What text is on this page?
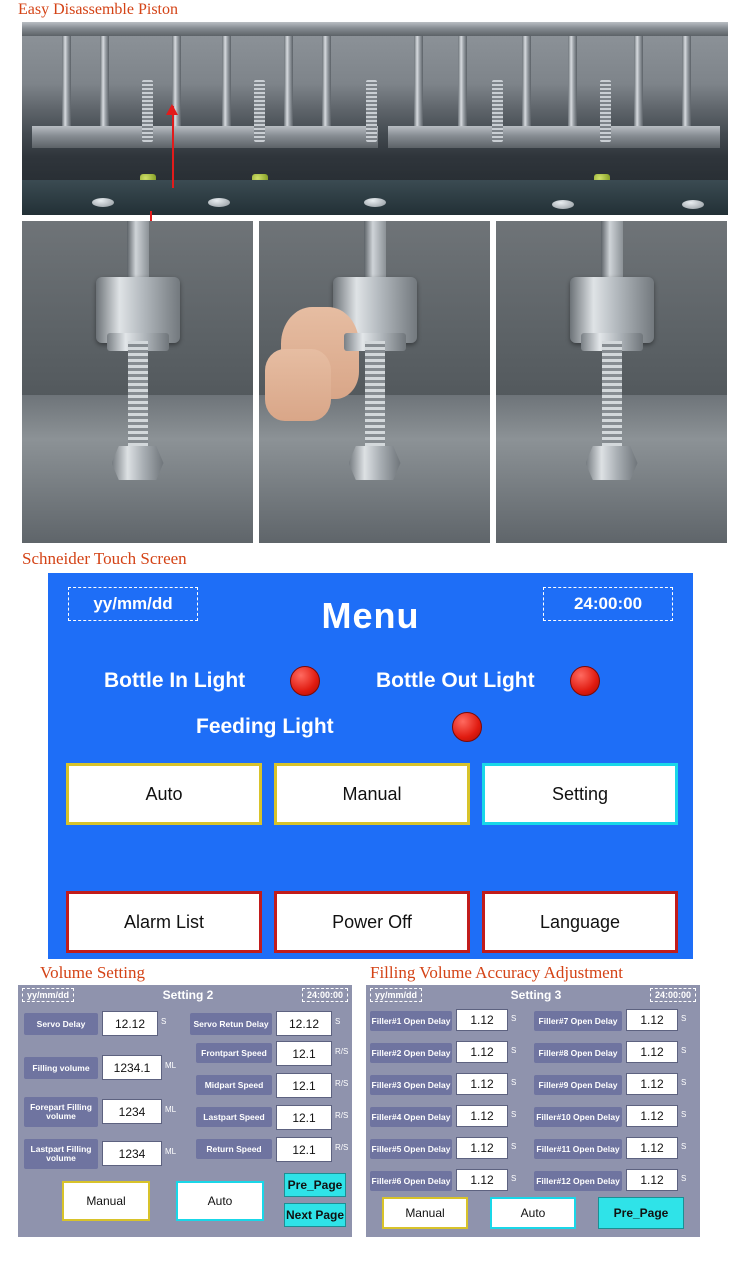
Easy Disassemble Piston
Schneider Touch Screen
yy/mm/dd	24:00:00
Menu
Bottle In Light	Bottle Out Light
Feeding Light
Auto	Manual	Setting
Alarm List	Power Off	Language
Volume Setting	Filling Volume Accuracy Adjustment
yy/mm/dd	Setting 2	24:00:00
Servo Delay	12.12	S
Filling volume	1234.1	ML
Forepart Filling volume	1234	ML
Lastpart Filling volume	1234	ML
Servo Retun Delay	12.12	S
Frontpart Speed	12.1	R/S
Midpart Speed	12.1	R/S
Lastpart Speed	12.1	R/S
Return Speed	12.1	R/S
Manual	Auto
Pre_Page
Next Page
yy/mm/dd	Setting 3	24:00:00
Filler#1 Open Delay	1.12	S
Filler#2 Open Delay	1.12	S
Filler#3 Open Delay	1.12	S
Filler#4 Open Delay	1.12	S
Filler#5 Open Delay	1.12	S
Filler#6 Open Delay	1.12	S
Filler#7 Open Delay	1.12	S
Filler#8 Open Delay	1.12	S
Filler#9 Open Delay	1.12	S
Filler#10 Open Delay	1.12	S
Filler#11 Open Delay	1.12	S
Filler#12 Open Delay	1.12	S
Manual	Auto	Pre_Page
